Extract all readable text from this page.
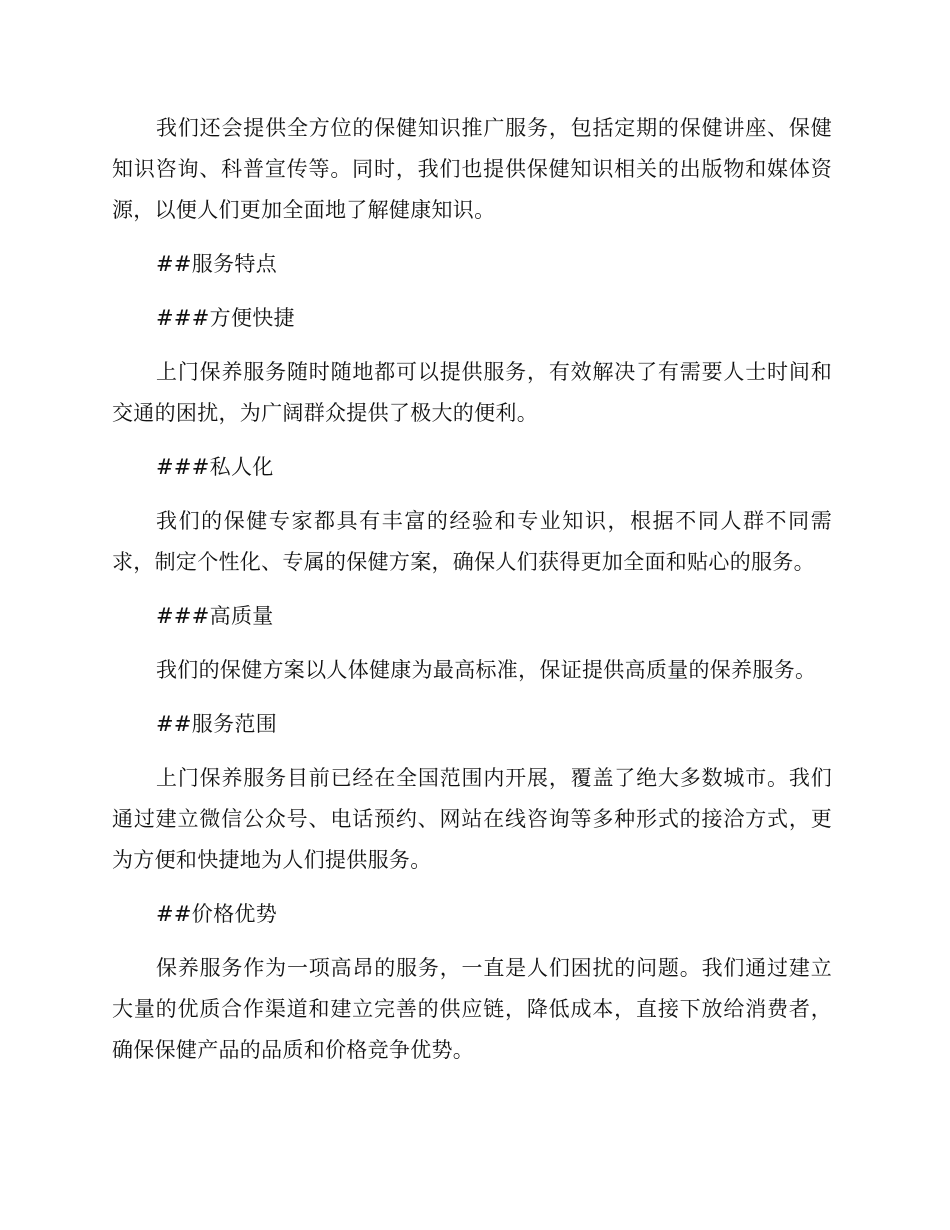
我们还会提供全方位的保健知识推广服务，包括定期的保健讲座、保健知识咨询、科普宣传等。同时，我们也提供保健知识相关的出版物和媒体资源，以便人们更加全面地了解健康知识。

##服务特点

###方便快捷

上门保养服务随时随地都可以提供服务，有效解决了有需要人士时间和交通的困扰，为广阔群众提供了极大的便利。

###私人化

我们的保健专家都具有丰富的经验和专业知识，根据不同人群不同需求，制定个性化、专属的保健方案，确保人们获得更加全面和贴心的服务。

###高质量

我们的保健方案以人体健康为最高标准，保证提供高质量的保养服务。

##服务范围

上门保养服务目前已经在全国范围内开展，覆盖了绝大多数城市。我们通过建立微信公众号、电话预约、网站在线咨询等多种形式的接洽方式，更为方便和快捷地为人们提供服务。

##价格优势

保养服务作为一项高昂的服务，一直是人们困扰的问题。我们通过建立大量的优质合作渠道和建立完善的供应链，降低成本，直接下放给消费者，确保保健产品的品质和价格竞争优势。
